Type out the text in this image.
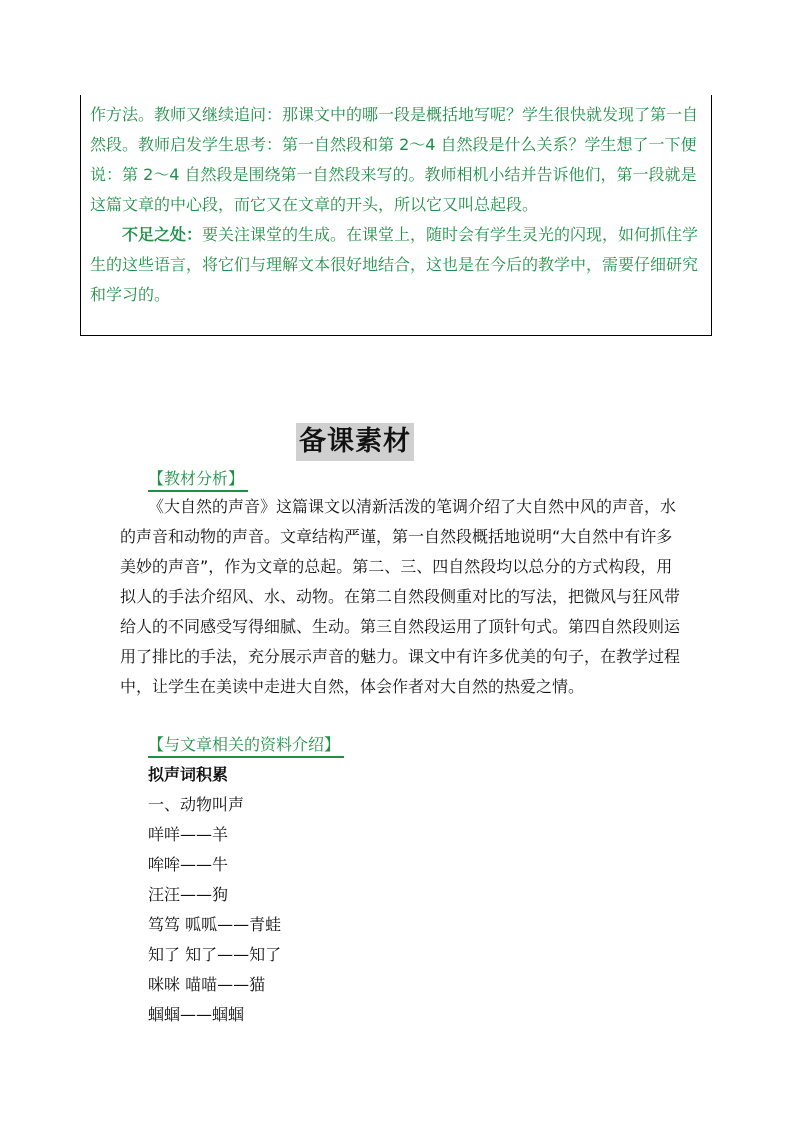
作方法。教师又继续追问：那课文中的哪一段是概括地写呢？学生很快就发现了第一自然段。教师启发学生思考：第一自然段和第 2～4 自然段是什么关系？学生想了一下便说：第 2～4 自然段是围绕第一自然段来写的。教师相机小结并告诉他们，第一段就是这篇文章的中心段，而它又在文章的开头，所以它又叫总起段。

不足之处：要关注课堂的生成。在课堂上，随时会有学生灵光的闪现，如何抓住学生的这些语言，将它们与理解文本很好地结合，这也是在今后的教学中，需要仔细研究和学习的。

备课素材
【教材分析】

《大自然的声音》这篇课文以清新活泼的笔调介绍了大自然中风的声音，水的声音和动物的声音。文章结构严谨，第一自然段概括地说明“大自然中有许多美妙的声音”，作为文章的总起。第二、三、四自然段均以总分的方式构段，用拟人的手法介绍风、水、动物。在第二自然段侧重对比的写法，把微风与狂风带给人的不同感受写得细腻、生动。第三自然段运用了顶针句式。第四自然段则运用了排比的手法，充分展示声音的魅力。课文中有许多优美的句子，在教学过程中，让学生在美读中走进大自然，体会作者对大自然的热爱之情。

【与文章相关的资料介绍】
拟声词积累
一、动物叫声
咩咩——羊
哞哞——牛
汪汪——狗
笃笃 呱呱——青蛙
知了 知了——知了
咪咪 喵喵——猫
蝈蝈——蝈蝈
